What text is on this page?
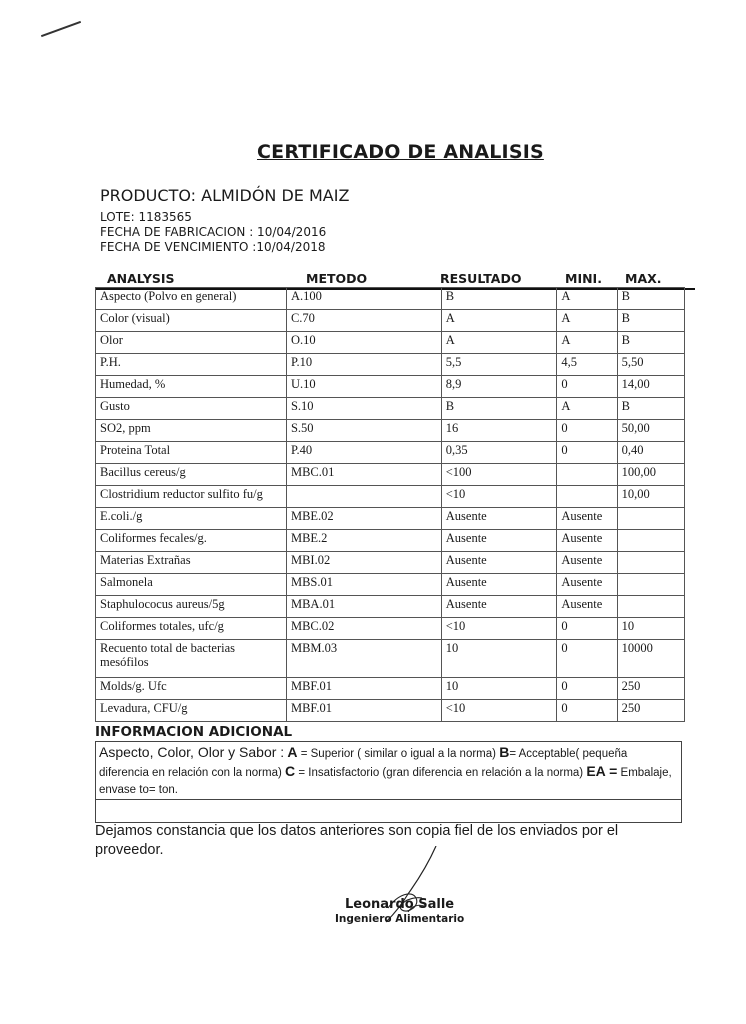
CERTIFICADO DE ANALISIS
PRODUCTO: ALMIDÓN DE MAIZ
LOTE: 1183565
FECHA DE FABRICACION : 10/04/2016
FECHA DE VENCIMIENTO :10/04/2018
ANALYSIS	METODO	RESULTADO	MINI. MAX.
Aspecto (Polvo en general)	A.100	B	A	B
Color (visual)	C.70	A	A	B
Olor	O.10	A	A	B
P.H.	P.10	5,5	4,5	5,50
Humedad, %	U.10	8,9	0	14,00
Gusto	S.10	B	A	B
SO2, ppm	S.50	16	0	50,00
Proteina Total	P.40	0,35	0	0,40
Bacillus cereus/g	MBC.01	<100		100,00
Clostridium reductor sulfito fu/g		<10		10,00
E.coli./g	MBE.02	Ausente	Ausente	
Coliformes fecales/g.	MBE.2	Ausente	Ausente	
Materias Extrañas	MBI.02	Ausente	Ausente	
Salmonela	MBS.01	Ausente	Ausente	
Staphulococus aureus/5g	MBA.01	Ausente	Ausente	
Coliformes totales, ufc/g	MBC.02	<10	0	10
Recuento total de bacterias mesófilos	MBM.03	10	0	10000
Molds/g. Ufc	MBF.01	10	0	250
Levadura, CFU/g	MBF.01	<10	0	250
INFORMACION ADICIONAL
Aspecto, Color, Olor y Sabor : A = Superior ( similar o igual a la norma) B= Acceptable( pequeña diferencia en relación con la norma) C = Insatisfactorio (gran diferencia en relación a la norma) EA = Embalaje, envase to= ton.
Dejamos constancia que los datos anteriores son copia fiel de los enviados por el proveedor.
Leonardo Salle
Ingeniero Alimentario
